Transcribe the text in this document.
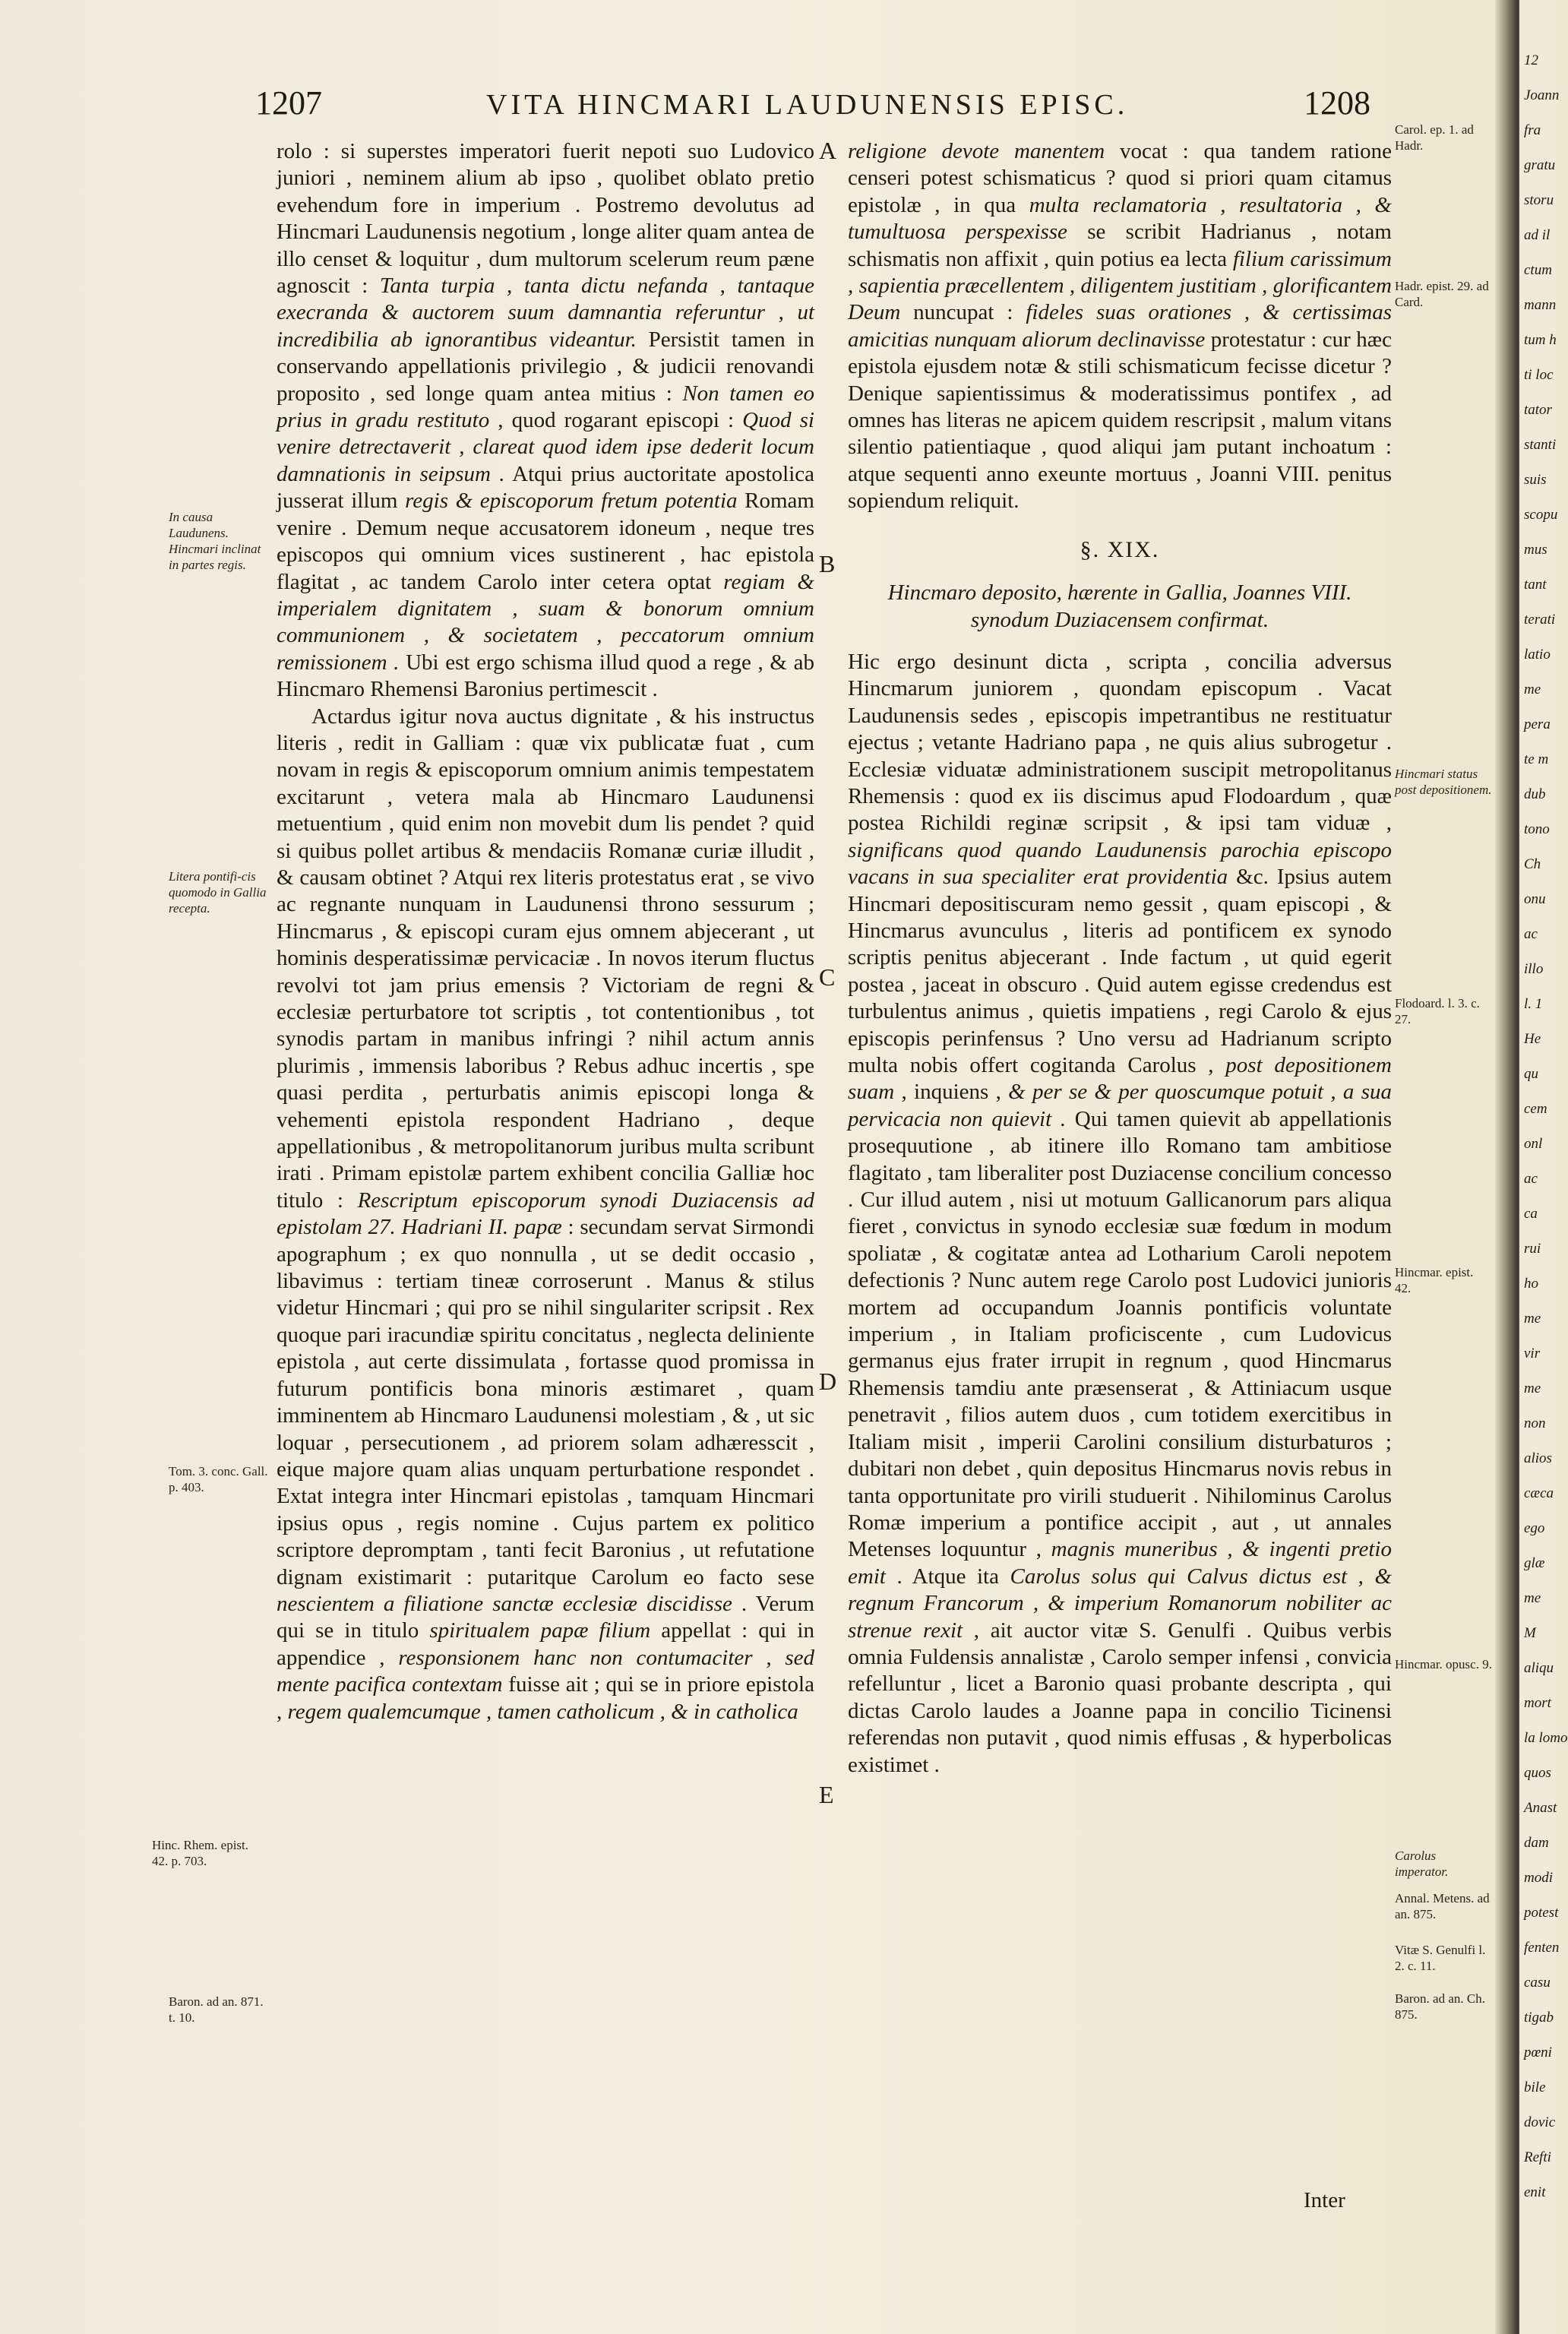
1207	VITA HINCMARI LAUDUNENSIS EPISC.	1208
A
B
C
D
E
In causa Laudunens. Hincmari inclinat in partes regis.
Litera pontifi-cis quomodo in Gallia recepta.
Tom. 3. conc. Gall. p. 403.
Hinc. Rhem. epist. 42. p. 703.
Baron. ad an. 871. t. 10.
Carol. ep. 1. ad Hadr.
Hadr. epist. 29. ad Card.
Hincmari status post depositionem.
Flodoard. l. 3. c. 27.
Hincmar. epist. 42.
Hincmar. opusc. 9.
Carolus imperator.
Annal. Metens. ad an. 875.
Vitæ S. Genulfi l. 2. c. 11.
Baron. ad an. Ch. 875.

rolo : si superstes imperatori fuerit nepoti suo Ludovico juniori , neminem alium ab ipso , quolibet oblato pretio evehendum fore in imperium . Postremo devolutus ad Hincmari Laudunensis negotium , longe aliter quam antea de illo censet & loquitur , dum multorum scelerum reum pæne agnoscit : Tanta turpia , tanta dictu nefanda , tantaque execranda & auctorem suum damnantia referuntur , ut incredibilia ab ignorantibus videantur. Persistit tamen in conservando appellationis privilegio , & judicii renovandi proposito , sed longe quam antea mitius : Non tamen eo prius in gradu restituto , quod rogarant episcopi : Quod si venire detrectaverit , clareat quod idem ipse dederit locum damnationis in seipsum . Atqui prius auctoritate apostolica jusserat illum regis & episcoporum fretum potentia Romam venire . Demum neque accusatorem idoneum , neque tres episcopos qui omnium vices sustinerent , hac epistola flagitat , ac tandem Carolo inter cetera optat regiam & imperialem dignitatem , suam & bonorum omnium communionem , & societatem , peccatorum omnium remissionem . Ubi est ergo schisma illud quod a rege , & ab Hincmaro Rhemensi Baronius pertimescit .

Actardus igitur nova auctus dignitate , & his instructus literis , redit in Galliam : quæ vix publicatæ fuat , cum novam in regis & episcoporum omnium animis tempestatem excitarunt , vetera mala ab Hincmaro Laudunensi metuentium , quid enim non movebit dum lis pendet ? quid si quibus pollet artibus & mendaciis Romanæ curiæ illudit , & causam obtinet ? Atqui rex literis protestatus erat , se vivo ac regnante nunquam in Laudunensi throno sessurum ; Hincmarus , & episcopi curam ejus omnem abjecerant , ut hominis desperatissimæ pervicaciæ . In novos iterum fluctus revolvi tot jam prius emensis ? Victoriam de regni & ecclesiæ perturbatore tot scriptis , tot contentionibus , tot synodis partam in manibus infringi ? nihil actum annis plurimis , immensis laboribus ? Rebus adhuc incertis , spe quasi perdita , perturbatis animis episcopi longa & vehementi epistola respondent Hadriano , deque appellationibus , & metropolitanorum juribus multa scribunt irati . Primam epistolæ partem exhibent concilia Galliæ hoc titulo : Rescriptum episcoporum synodi Duziacensis ad epistolam 27. Hadriani II. papæ : secundam servat Sirmondi apographum ; ex quo nonnulla , ut se dedit occasio , libavimus : tertiam tineæ corroserunt . Manus & stilus videtur Hincmari ; qui pro se nihil singulariter scripsit . Rex quoque pari iracundiæ spiritu concitatus , neglecta deliniente epistola , aut certe dissimulata , fortasse quod promissa in futurum pontificis bona minoris æstimaret , quam imminentem ab Hincmaro Laudunensi molestiam , & , ut sic loquar , persecutionem , ad priorem solam adhæresscit , eique majore quam alias unquam perturbatione respondet . Extat integra inter Hincmari epistolas , tamquam Hincmari ipsius opus , regis nomine . Cujus partem ex politico scriptore depromptam , tanti fecit Baronius , ut refutatione dignam existimarit : putaritque Carolum eo facto sese nescientem a filiatione sanctæ ecclesiæ discidisse . Verum qui se in titulo spiritualem papæ filium appellat : qui in appendice , responsionem hanc non contumaciter , sed mente pacifica contextam fuisse ait ; qui se in priore epistola , regem qualemcumque , tamen catholicum , & in catholica

religione devote manentem vocat : qua tandem ratione censeri potest schismaticus ? quod si priori quam citamus epistolæ , in qua multa reclamatoria , resultatoria , & tumultuosa perspexisse se scribit Hadrianus , notam schismatis non affixit , quin potius ea lecta filium carissimum , sapientia præcellentem , diligentem justitiam , glorificantem Deum nuncupat : fideles suas orationes , & certissimas amicitias nunquam aliorum declinavisse protestatur : cur hæc epistola ejusdem notæ & stili schismaticum fecisse dicetur ? Denique sapientissimus & moderatissimus pontifex , ad omnes has literas ne apicem quidem rescripsit , malum vitans silentio patientiaque , quod aliqui jam putant inchoatum : atque sequenti anno exeunte mortuus , Joanni VIII. penitus sopiendum reliquit.

§. XIX.
Hincmaro deposito, hærente in Gallia, Joannes VIII. synodum Duziacensem confirmat.

Hic ergo desinunt dicta , scripta , concilia adversus Hincmarum juniorem , quondam episcopum . Vacat Laudunensis sedes , episcopis impetrantibus ne restituatur ejectus ; vetante Hadriano papa , ne quis alius subrogetur . Ecclesiæ viduatæ administrationem suscipit metropolitanus Rhemensis : quod ex iis discimus apud Flodoardum , quæ postea Richildi reginæ scripsit , & ipsi tam viduæ , significans quod quando Laudunensis parochia episcopo vacans in sua specialiter erat providentia &c. Ipsius autem Hincmari depositiscuram nemo gessit , quam episcopi , & Hincmarus avunculus , literis ad pontificem ex synodo scriptis penitus abjecerant . Inde factum , ut quid egerit postea , jaceat in obscuro . Quid autem egisse credendus est turbulentus animus , quietis impatiens , regi Carolo & ejus episcopis perinfensus ? Uno versu ad Hadrianum scripto multa nobis offert cogitanda Carolus , post depositionem suam , inquiens , & per se & per quoscumque potuit , a sua pervicacia non quievit . Qui tamen quievit ab appellationis prosequutione , ab itinere illo Romano tam ambitiose flagitato , tam liberaliter post Duziacense concilium concesso . Cur illud autem , nisi ut motuum Gallicanorum pars aliqua fieret , convictus in synodo ecclesiæ suæ fœdum in modum spoliatæ , & cogitatæ antea ad Lotharium Caroli nepotem defectionis ? Nunc autem rege Carolo post Ludovici junioris mortem ad occupandum Joannis pontificis voluntate imperium , in Italiam proficiscente , cum Ludovicus germanus ejus frater irrupit in regnum , quod Hincmarus Rhemensis tamdiu ante præsenserat , & Attiniacum usque penetravit , filios autem duos , cum totidem exercitibus in Italiam misit , imperii Carolini consilium disturbaturos ; dubitari non debet , quin depositus Hincmarus novis rebus in tanta opportunitate pro virili studuerit . Nihilominus Carolus Romæ imperium a pontifice accipit , aut , ut annales Metenses loquuntur , magnis muneribus , & ingenti pretio emit . Atque ita Carolus solus qui Calvus dictus est , & regnum Francorum , & imperium Romanorum nobiliter ac strenue rexit , ait auctor vitæ S. Genulfi . Quibus verbis omnia Fuldensis annalistæ , Carolo semper infensi , convicia refelluntur , licet a Baronio quasi probante descripta , qui dictas Carolo laudes a Joanne papa in concilio Ticinensi referendas non putavit , quod nimis effusas , & hyperbolicas existimet .

Inter
12
Joann
fra
gratu
storu
ad il
ctum
mann
tum h
ti loc
tator
stanti
suis
scopu
mus
tant
terati
latio
me
pera
te m
dub
tono
Ch
onu
ac
illo
l. 1
He
qu
cem
onl
ac
ca
rui
ho
me
vir
me
non
alios
cæca
ego
glæ
me
M
aliqu
mort
la lomo
quos
Anast
dam
modi
potest
fenten
casu
tigab
pœni
bile
dovic
Refti
enit
